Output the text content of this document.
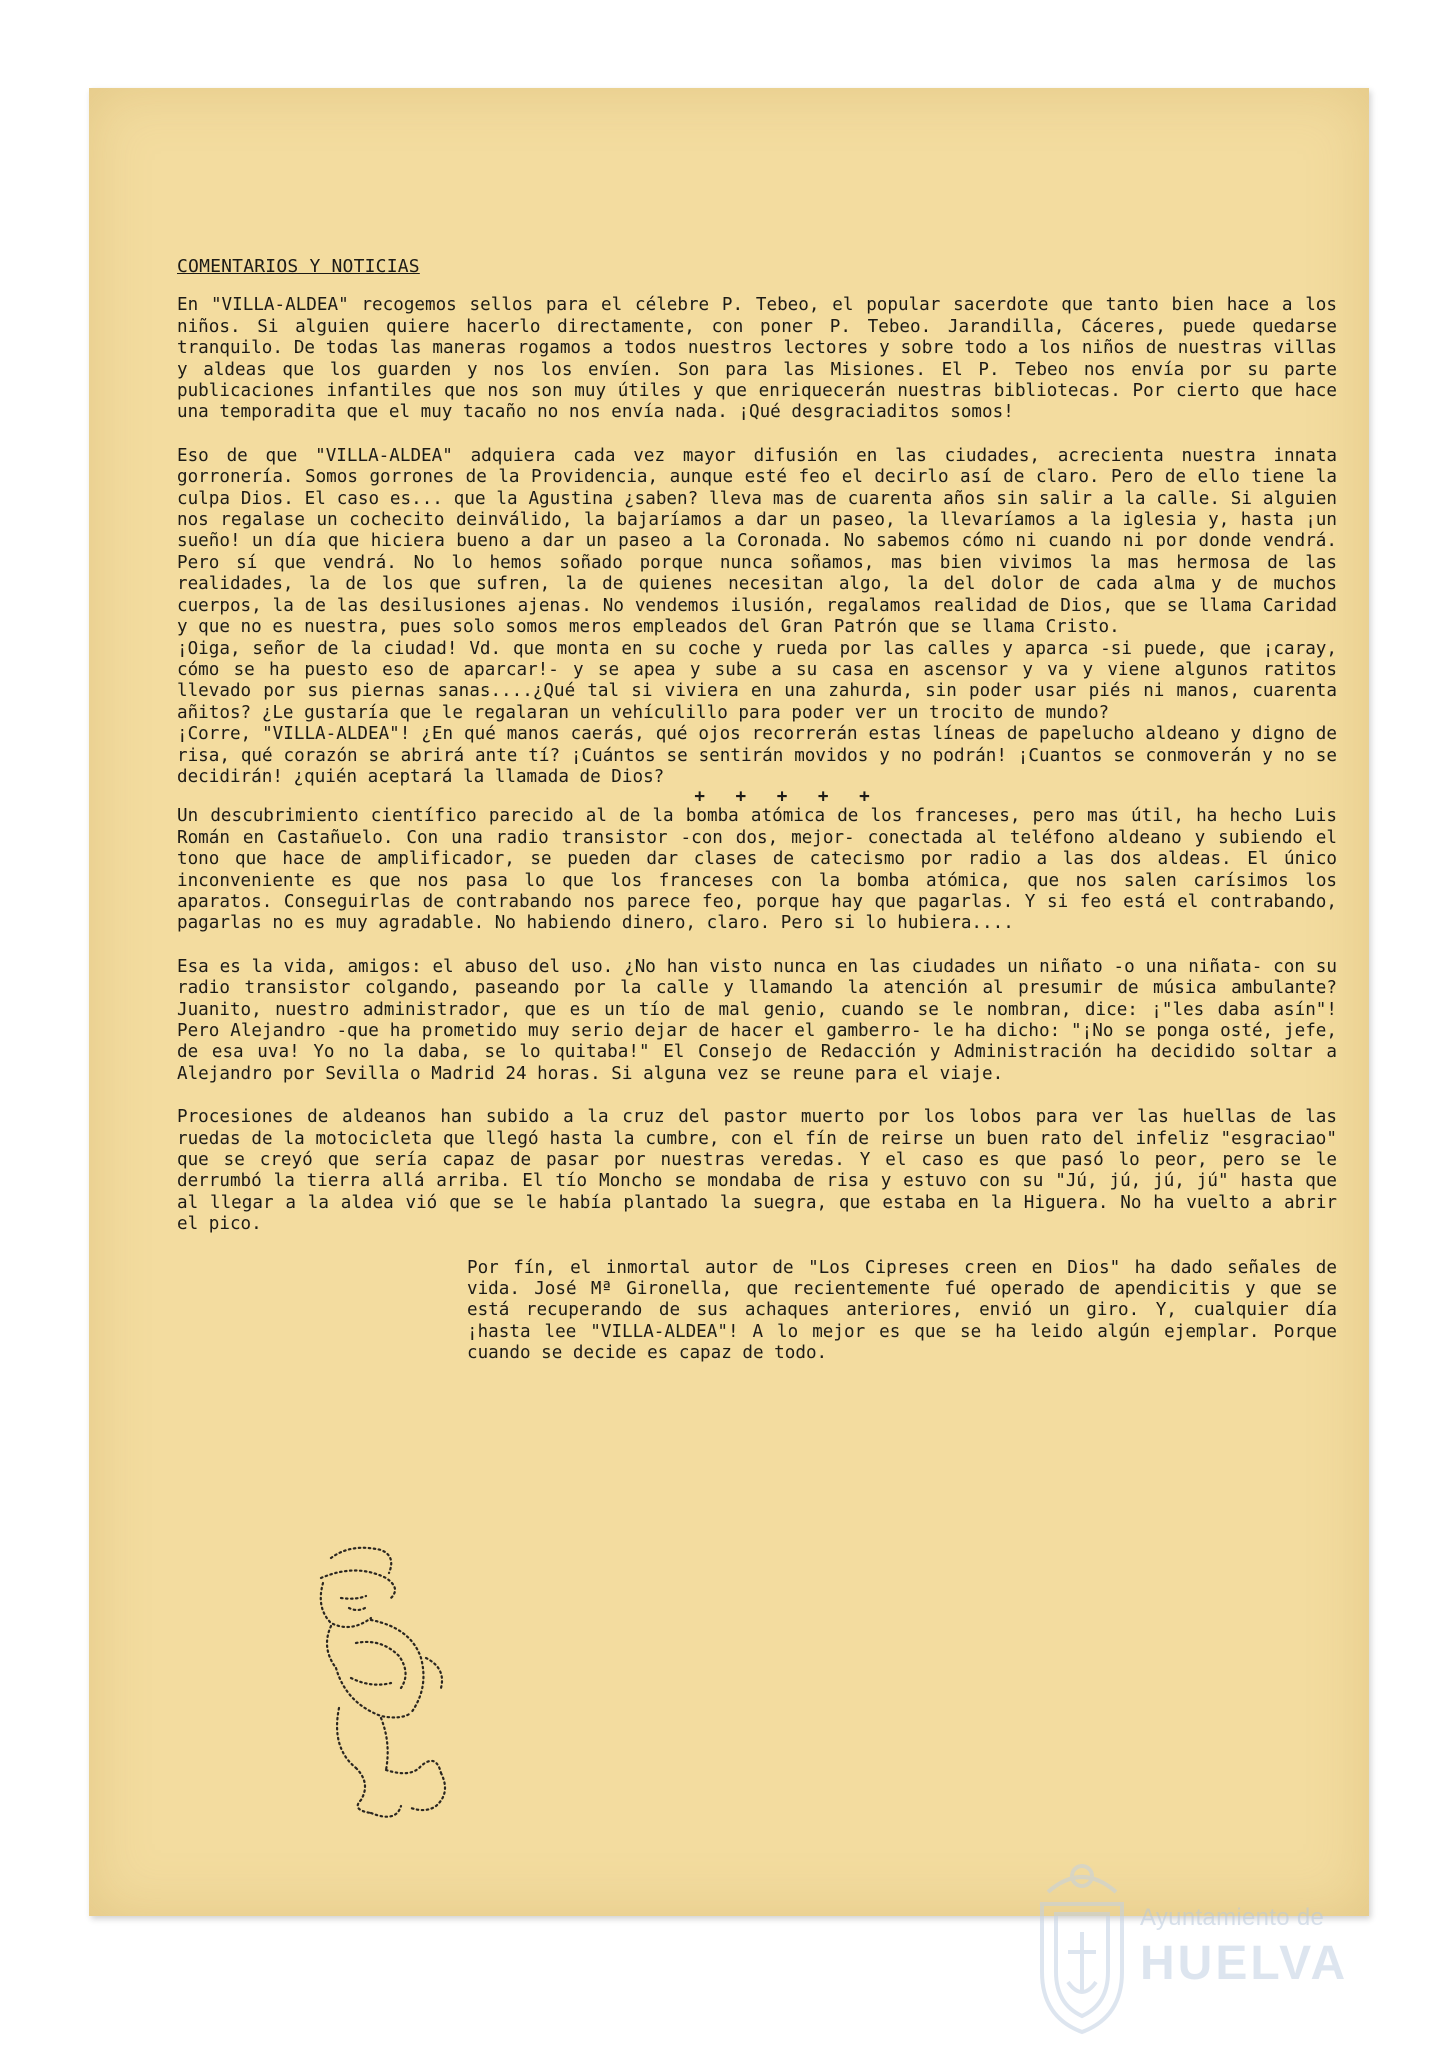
COMENTARIOS Y NOTICIAS

En "VILLA-ALDEA" recogemos sellos para el célebre P. Tebeo, el popular sacerdote que tanto bien hace a los niños. Si alguien quiere hacerlo directamente, con poner P. Tebeo. Jarandilla, Cáceres, puede quedarse tranquilo. De todas las maneras rogamos a todos nuestros lectores y sobre todo a los niños de nuestras villas y aldeas que los guarden y nos los envíen. Son para las Misiones. El P. Tebeo nos envía por su parte publicaciones infantiles que nos son muy útiles y que enriquecerán nuestras bibliotecas. Por cierto que hace una temporadita que el muy tacaño no nos envía nada. ¡Qué desgraciaditos somos!

Eso de que "VILLA-ALDEA" adquiera cada vez mayor difusión en las ciudades, acrecienta nuestra innata gorronería. Somos gorrones de la Providencia, aunque esté feo el decirlo así de claro. Pero de ello tiene la culpa Dios. El caso es... que la Agustina ¿saben? lleva mas de cuarenta años sin salir a la calle. Si alguien nos regalase un cochecito deinválido, la bajaríamos a dar un paseo, la llevaríamos a la iglesia y, hasta ¡un sueño! un día que hiciera bueno a dar un paseo a la Coronada. No sabemos cómo ni cuando ni por donde vendrá. Pero sí que vendrá. No lo hemos soñado porque nunca soñamos, mas bien vivimos la mas hermosa de las realidades, la de los que sufren, la de quienes necesitan algo, la del dolor de cada alma y de muchos cuerpos, la de las desilusiones ajenas. No vendemos ilusión, regalamos realidad de Dios, que se llama Caridad y que no es nuestra, pues solo somos meros empleados del Gran Patrón que se llama Cristo.

¡Oiga, señor de la ciudad! Vd. que monta en su coche y rueda por las calles y aparca -si puede, que ¡caray, cómo se ha puesto eso de aparcar!- y se apea y sube a su casa en ascensor y va y viene algunos ratitos llevado por sus piernas sanas....¿Qué tal si viviera en una zahurda, sin poder usar piés ni manos, cuarenta añitos? ¿Le gustaría que le regalaran un vehículillo para poder ver un trocito de mundo?

¡Corre, "VILLA-ALDEA"! ¿En qué manos caerás, qué ojos recorrerán estas líneas de papelucho aldeano y digno de risa, qué corazón se abrirá ante tí? ¡Cuántos se sentirán movidos y no podrán! ¡Cuantos se conmoverán y no se decidirán! ¿quién aceptará la llamada de Dios?

+ + + + +

Un descubrimiento científico parecido al de la bomba atómica de los franceses, pero mas útil, ha hecho Luis Román en Castañuelo. Con una radio transistor -con dos, mejor- conectada al teléfono aldeano y subiendo el tono que hace de amplificador, se pueden dar clases de catecismo por radio a las dos aldeas. El único inconveniente es que nos pasa lo que los franceses con la bomba atómica, que nos salen carísimos los aparatos. Conseguirlas de contrabando nos parece feo, porque hay que pagarlas. Y si feo está el contrabando, pagarlas no es muy agradable. No habiendo dinero, claro. Pero si lo hubiera....

Esa es la vida, amigos: el abuso del uso. ¿No han visto nunca en las ciudades un niñato -o una niñata- con su radio transistor colgando, paseando por la calle y llamando la atención al presumir de música ambulante? Juanito, nuestro administrador, que es un tío de mal genio, cuando se le nombran, dice: ¡"les daba asín"! Pero Alejandro -que ha prometido muy serio dejar de hacer el gamberro- le ha dicho: "¡No se ponga osté, jefe, de esa uva! Yo no la daba, se lo quitaba!" El Consejo de Redacción y Administración ha decidido soltar a Alejandro por Sevilla o Madrid 24 horas. Si alguna vez se reune para el viaje.

Procesiones de aldeanos han subido a la cruz del pastor muerto por los lobos para ver las huellas de las ruedas de la motocicleta que llegó hasta la cumbre, con el fín de reirse un buen rato del infeliz "esgraciao" que se creyó que sería capaz de pasar por nuestras veredas. Y el caso es que pasó lo peor, pero se le derrumbó la tierra allá arriba. El tío Moncho se mondaba de risa y estuvo con su "Jú, jú, jú, jú" hasta que al llegar a la aldea vió que se le había plantado la suegra, que estaba en la Higuera. No ha vuelto a abrir el pico.

Por fín, el inmortal autor de "Los Cipreses creen en Dios" ha dado señales de vida. José Mª Gironella, que recientemente fué operado de apendicitis y que se está recuperando de sus achaques anteriores, envió un giro. Y, cualquier día ¡hasta lee "VILLA-ALDEA"! A lo mejor es que se ha leido algún ejemplar. Porque cuando se decide es capaz de todo.

Ayuntamiento de
HUELVA
